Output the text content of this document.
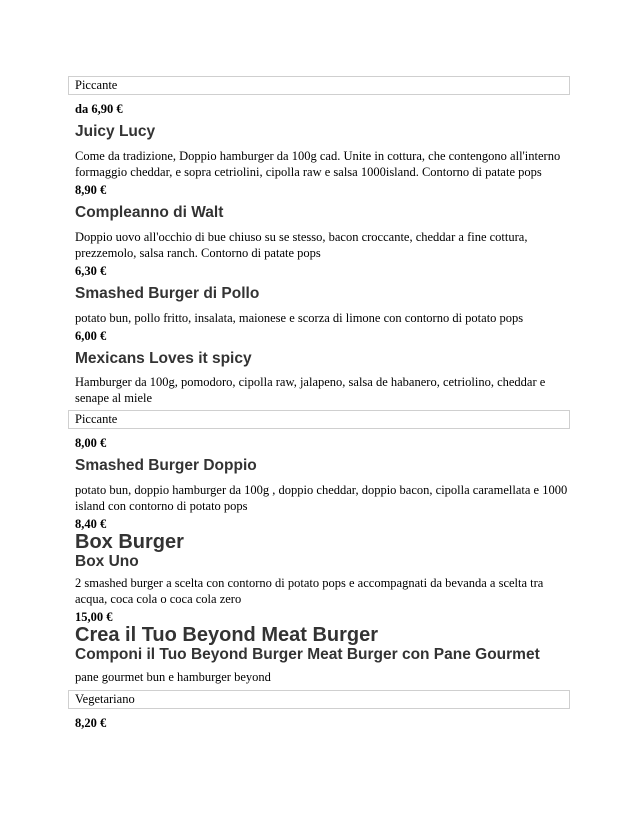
Piccante
da 6,90 €
Juicy Lucy
Come da tradizione, Doppio hamburger da 100g cad. Unite in cottura, che contengono all'interno formaggio cheddar, e sopra cetriolini, cipolla raw e salsa 1000island. Contorno di patate pops
8,90 €
Compleanno di Walt
Doppio uovo all'occhio di bue chiuso su se stesso, bacon croccante, cheddar a fine cottura, prezzemolo, salsa ranch. Contorno di patate pops
6,30 €
Smashed Burger di Pollo
potato bun, pollo fritto, insalata, maionese e scorza di limone con contorno di potato pops
6,00 €
Mexicans Loves it spicy
Hamburger da 100g, pomodoro, cipolla raw, jalapeno, salsa de habanero, cetriolino, cheddar e senape al miele
Piccante
8,00 €
Smashed Burger Doppio
potato bun, doppio hamburger da 100g , doppio cheddar, doppio bacon, cipolla caramellata e 1000 island con contorno di potato pops
8,40 €
Box Burger
Box Uno
2 smashed burger a scelta con contorno di potato pops e accompagnati da bevanda a scelta tra acqua, coca cola o coca cola zero
15,00 €
Crea il Tuo Beyond Meat Burger
Componi il Tuo Beyond Burger Meat Burger con Pane Gourmet
pane gourmet bun e hamburger beyond
Vegetariano
8,20 €
